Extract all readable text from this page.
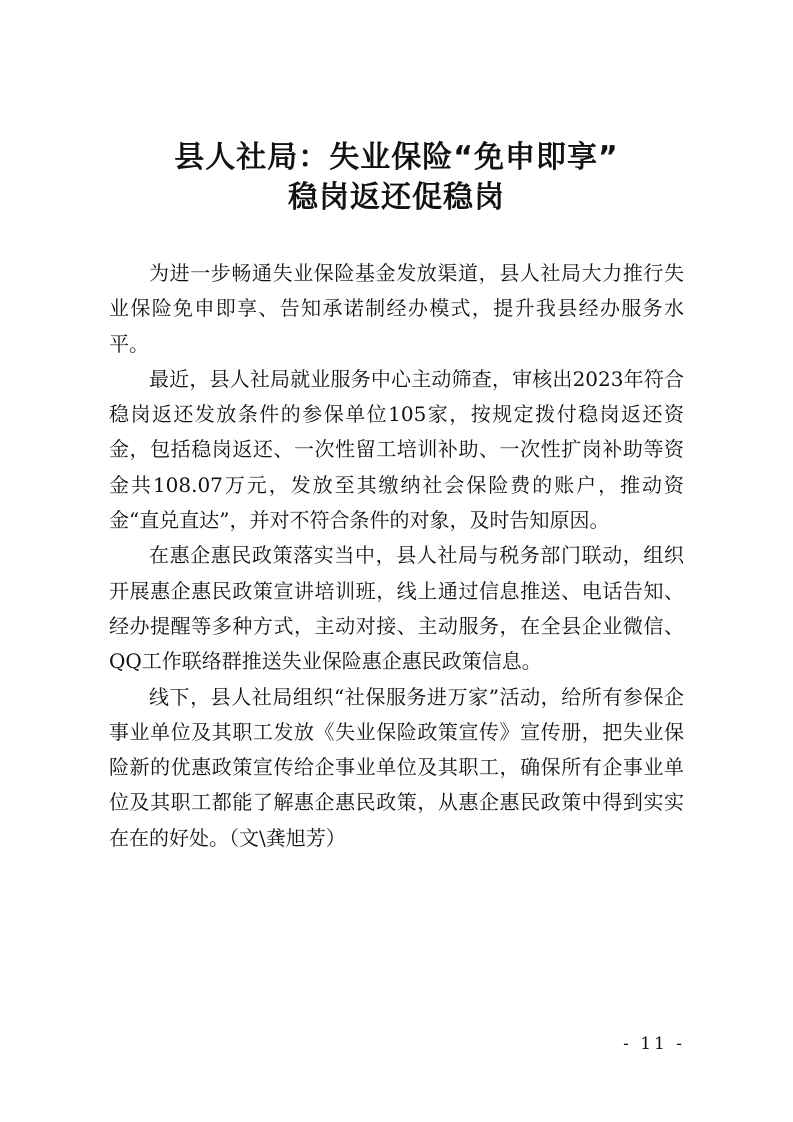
县人社局：失业保险“免申即享”
稳岗返还促稳岗

为进一步畅通失业保险基金发放渠道，县人社局大力推行失业保险免申即享、告知承诺制经办模式，提升我县经办服务水平。

最近，县人社局就业服务中心主动筛查，审核出2023年符合稳岗返还发放条件的参保单位105家，按规定拨付稳岗返还资金，包括稳岗返还、一次性留工培训补助、一次性扩岗补助等资金共108.07万元，发放至其缴纳社会保险费的账户，推动资金“直兑直达”，并对不符合条件的对象，及时告知原因。

在惠企惠民政策落实当中，县人社局与税务部门联动，组织开展惠企惠民政策宣讲培训班，线上通过信息推送、电话告知、经办提醒等多种方式，主动对接、主动服务，在全县企业微信、QQ工作联络群推送失业保险惠企惠民政策信息。

线下，县人社局组织“社保服务进万家”活动，给所有参保企事业单位及其职工发放《失业保险政策宣传》宣传册，把失业保险新的优惠政策宣传给企事业单位及其职工，确保所有企事业单位及其职工都能了解惠企惠民政策，从惠企惠民政策中得到实实在在的好处。（文\龚旭芳）

- 11 -
